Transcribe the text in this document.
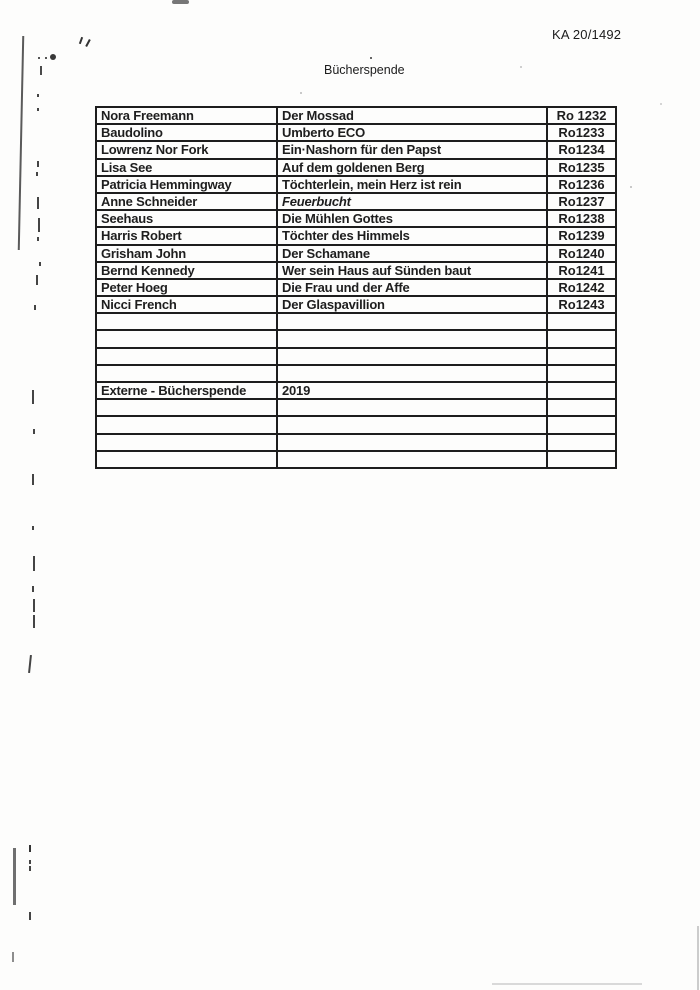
KA 20/1492
Bücherspende
Nora Freemann	Der Mossad	Ro 1232
Baudolino	Umberto ECO	Ro1233
Lowrenz Nor Fork	Ein·Nashorn für den Papst	Ro1234
Lisa See	Auf dem goldenen Berg	Ro1235
Patricia Hemmingway	Töchterlein, mein Herz ist rein	Ro1236
Anne Schneider	Feuerbucht	Ro1237
Seehaus	Die Mühlen Gottes	Ro1238
Harris Robert	Töchter des Himmels	Ro1239
Grisham John	Der Schamane	Ro1240
Bernd Kennedy	Wer sein Haus auf Sünden baut	Ro1241
Peter Hoeg	Die Frau und der Affe	Ro1242
Nicci French	Der Glaspavillion	Ro1243

Externe - Bücherspende	2019	
